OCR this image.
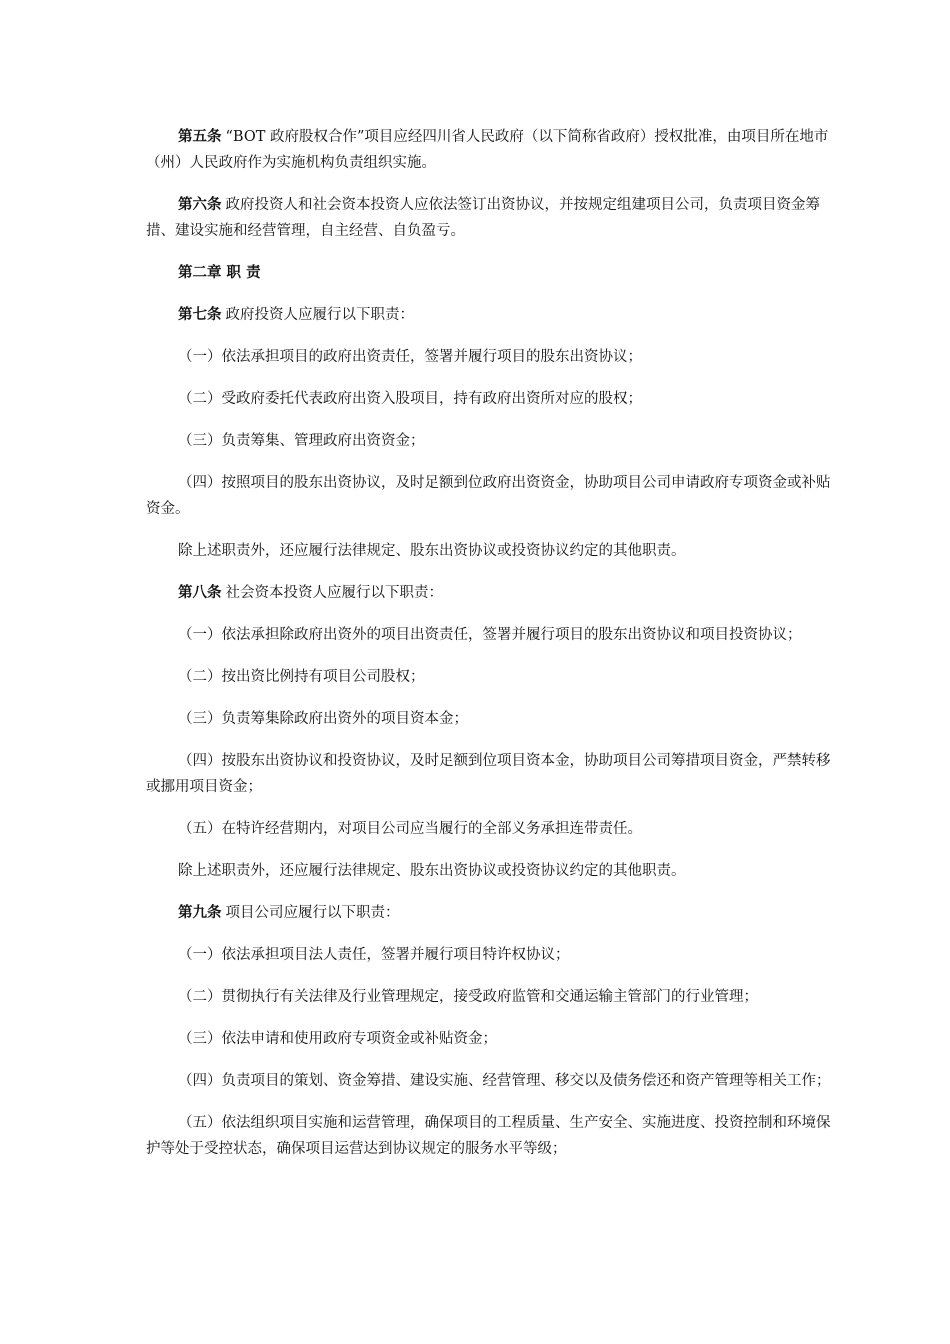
第五条 “BOT 政府股权合作”项目应经四川省人民政府（以下简称省政府）授权批准，由项目所在地市（州）人民政府作为实施机构负责组织实施。

第六条 政府投资人和社会资本投资人应依法签订出资协议，并按规定组建项目公司，负责项目资金筹措、建设实施和经营管理，自主经营、自负盈亏。

第二章 职 责

第七条 政府投资人应履行以下职责：

（一）依法承担项目的政府出资责任，签署并履行项目的股东出资协议；

（二）受政府委托代表政府出资入股项目，持有政府出资所对应的股权；

（三）负责筹集、管理政府出资资金；

（四）按照项目的股东出资协议，及时足额到位政府出资资金，协助项目公司申请政府专项资金或补贴资金。

除上述职责外，还应履行法律规定、股东出资协议或投资协议约定的其他职责。

第八条 社会资本投资人应履行以下职责：

（一）依法承担除政府出资外的项目出资责任，签署并履行项目的股东出资协议和项目投资协议；

（二）按出资比例持有项目公司股权；

（三）负责筹集除政府出资外的项目资本金；

（四）按股东出资协议和投资协议，及时足额到位项目资本金，协助项目公司筹措项目资金，严禁转移或挪用项目资金；

（五）在特许经营期内，对项目公司应当履行的全部义务承担连带责任。

除上述职责外，还应履行法律规定、股东出资协议或投资协议约定的其他职责。

第九条 项目公司应履行以下职责：

（一）依法承担项目法人责任，签署并履行项目特许权协议；

（二）贯彻执行有关法律及行业管理规定，接受政府监管和交通运输主管部门的行业管理；

（三）依法申请和使用政府专项资金或补贴资金；

（四）负责项目的策划、资金筹措、建设实施、经营管理、移交以及债务偿还和资产管理等相关工作；

（五）依法组织项目实施和运营管理，确保项目的工程质量、生产安全、实施进度、投资控制和环境保护等处于受控状态，确保项目运营达到协议规定的服务水平等级；
